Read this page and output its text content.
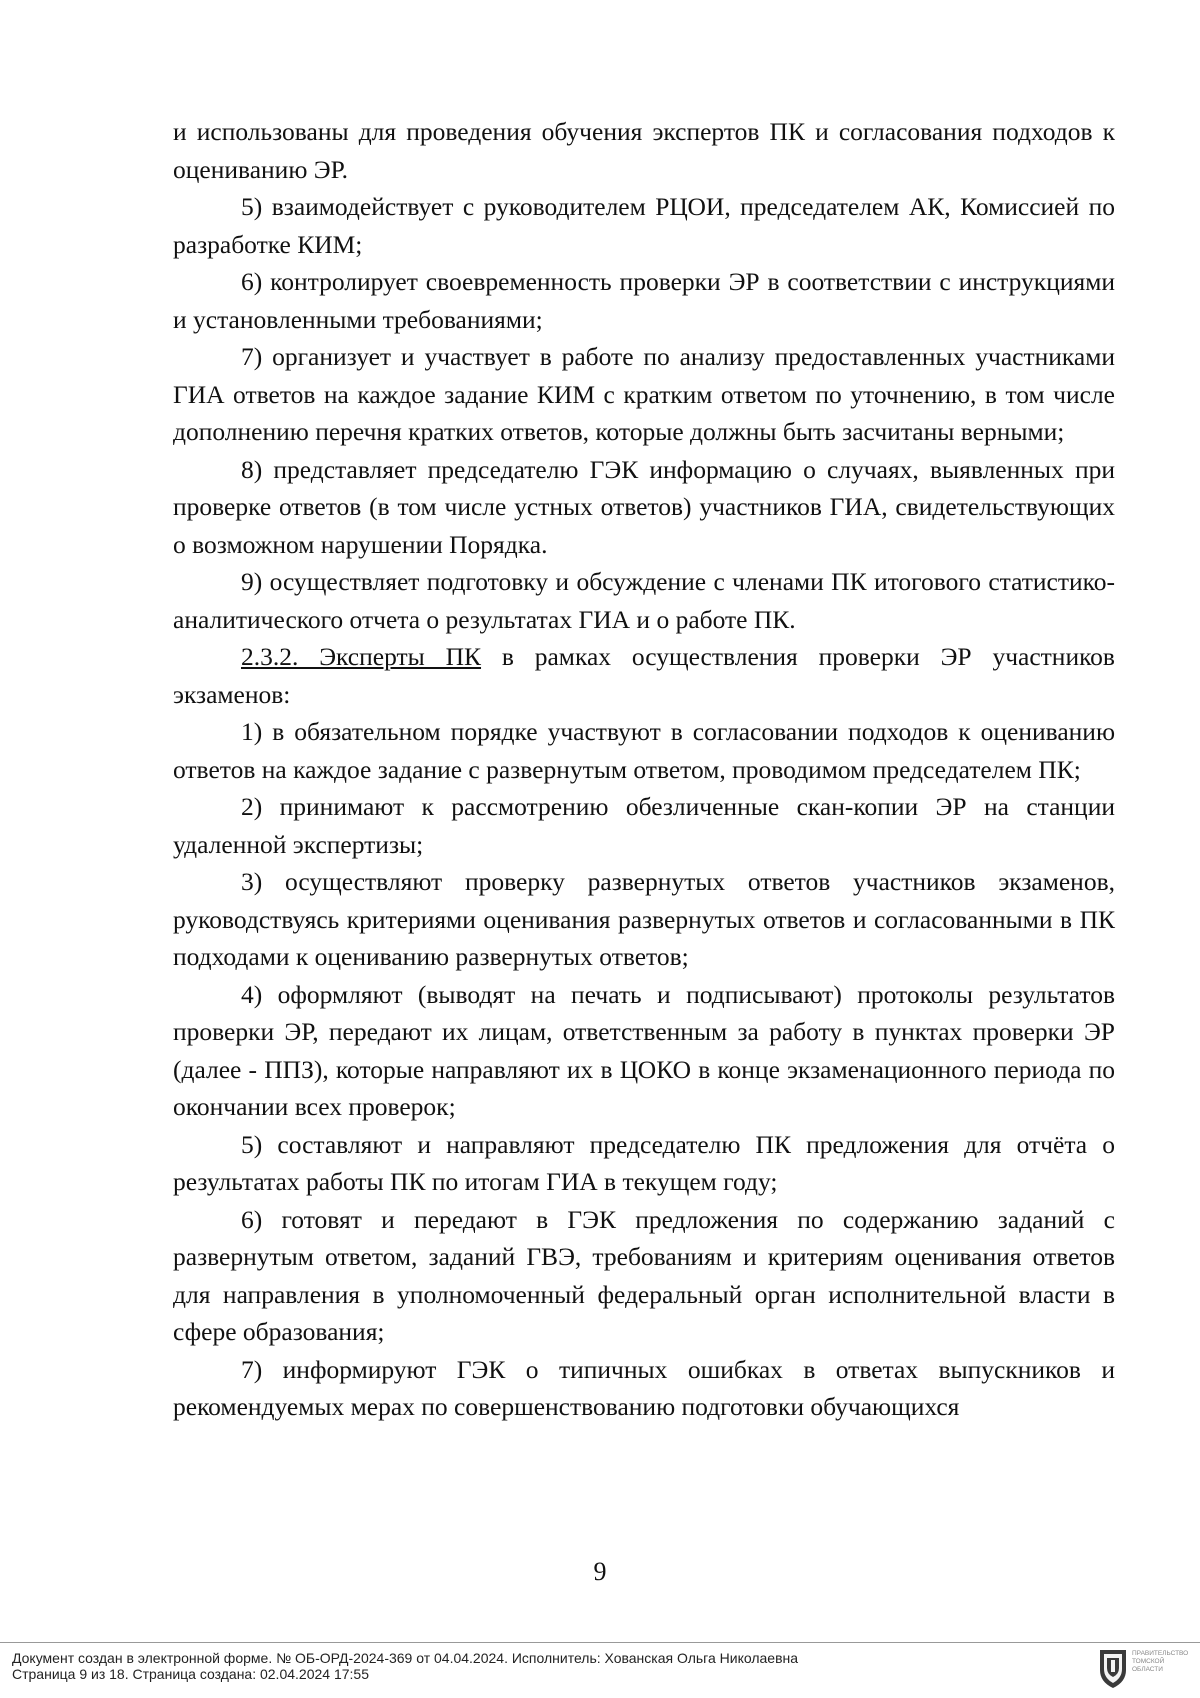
и использованы для проведения обучения экспертов ПК и согласования подходов к оцениванию ЭР.

5) взаимодействует с руководителем РЦОИ, председателем АК, Комиссией по разработке КИМ;

6) контролирует своевременность проверки ЭР в соответствии с инструкциями и установленными требованиями;

7) организует и участвует в работе по анализу предоставленных участниками ГИА ответов на каждое задание КИМ с кратким ответом по уточнению, в том числе дополнению перечня кратких ответов, которые должны быть засчитаны верными;

8) представляет председателю ГЭК информацию о случаях, выявленных при проверке ответов (в том числе устных ответов) участников ГИА, свидетельствующих о возможном нарушении Порядка.

9) осуществляет подготовку и обсуждение с членами ПК итогового статистико-аналитического отчета о результатах ГИА и о работе ПК.

2.3.2. Эксперты ПК в рамках осуществления проверки ЭР участников экзаменов:

1) в обязательном порядке участвуют в согласовании подходов к оцениванию ответов на каждое задание с развернутым ответом, проводимом председателем ПК;

2) принимают к рассмотрению обезличенные скан-копии ЭР на станции удаленной экспертизы;

3) осуществляют проверку развернутых ответов участников экзаменов, руководствуясь критериями оценивания развернутых ответов и согласованными в ПК подходами к оцениванию развернутых ответов;

4) оформляют (выводят на печать и подписывают) протоколы результатов проверки ЭР, передают их лицам, ответственным за работу в пунктах проверки ЭР (далее - ППЗ), которые направляют их в ЦОКО в конце экзаменационного периода по окончании всех проверок;

5) составляют и направляют председателю ПК предложения для отчёта о результатах работы ПК по итогам ГИА в текущем году;

6) готовят и передают в ГЭК предложения по содержанию заданий с развернутым ответом, заданий ГВЭ, требованиям и критериям оценивания ответов для направления в уполномоченный федеральный орган исполнительной власти в сфере образования;

7) информируют ГЭК о типичных ошибках в ответах выпускников и рекомендуемых мерах по совершенствованию подготовки обучающихся

9
Документ создан в электронной форме. № ОБ-ОРД-2024-369 от 04.04.2024. Исполнитель: Хованская Ольга Николаевна
Страница 9 из 18. Страница создана: 02.04.2024 17:55
ПРАВИТЕЛЬСТВО ТОМСКОЙ ОБЛАСТИ
